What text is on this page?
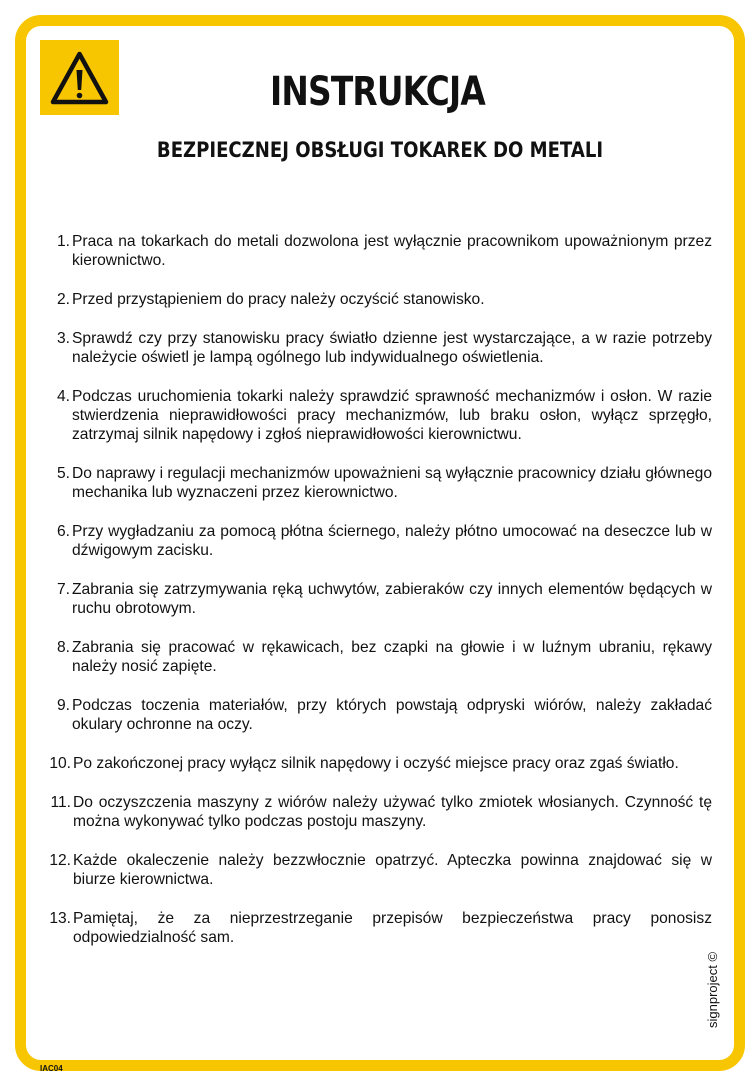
INSTRUKCJA
BEZPIECZNEJ OBSŁUGI TOKAREK DO METALI
1. Praca na tokarkach do metali dozwolona jest wyłącznie pracownikom upoważnionym przez kierownictwo.
2. Przed przystąpieniem do pracy należy oczyścić stanowisko.
3. Sprawdź czy przy stanowisku pracy światło dzienne jest wystarczające, a w razie potrzeby należycie oświetl je lampą ogólnego lub indywidualnego oświetlenia.
4. Podczas uruchomienia tokarki należy sprawdzić sprawność mechanizmów i osłon. W razie stwierdzenia nieprawidłowości pracy mechanizmów, lub braku osłon, wyłącz sprzęgło, zatrzymaj silnik napędowy i zgłoś nieprawidłowości kierownictwu.
5. Do naprawy i regulacji mechanizmów upoważnieni są wyłącznie pracownicy działu głównego mechanika lub wyznaczeni przez kierownictwo.
6. Przy wygładzaniu za pomocą płótna ściernego, należy płótno umocować na deseczce lub w dźwigowym zacisku.
7. Zabrania się zatrzymywania ręką uchwytów, zabieraków czy innych elementów będących w ruchu obrotowym.
8. Zabrania się pracować w rękawicach, bez czapki na głowie i w luźnym ubraniu, rękawy należy nosić zapięte.
9. Podczas toczenia materiałów, przy których powstają odpryski wiórów, należy zakładać okulary ochronne na oczy.
10. Po zakończonej pracy wyłącz silnik napędowy i oczyść miejsce pracy oraz zgaś światło.
11. Do oczyszczenia maszyny z wiórów należy używać tylko zmiotek włosianych. Czynność tę można wykonywać tylko podczas postoju maszyny.
12. Każde okaleczenie należy bezzwłocznie opatrzyć. Apteczka powinna znajdować się w biurze kierownictwa.
13. Pamiętaj, że za nieprzestrzeganie przepisów bezpieczeństwa pracy ponosisz odpowiedzialność sam.
signproject ©
IAC04
